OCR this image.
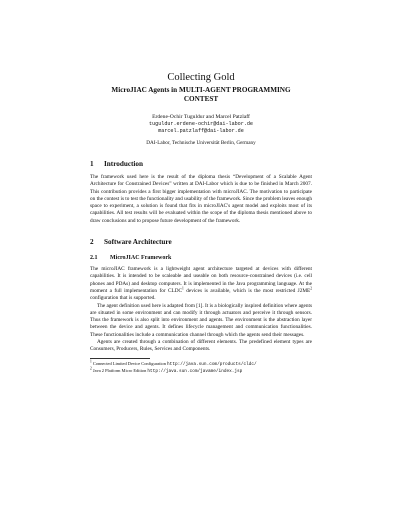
Collecting Gold
MicroJIAC Agents in MULTI-AGENT PROGRAMMING
CONTEST
Erdene-Ochir Tuguldur and Marcel Patzlaff
tuguldur.erdene-ochir@dai-labor.de
marcel.patzlaff@dai-labor.de
DAI-Labor, Technische Universität Berlin, Germany
1 Introduction

The framework used here is the result of the diploma thesis “Development of a Scalable Agent Architecture for Constrained Devices” written at DAI-Labor which is due to be finished in March 2007. This contribution provides a first bigger implementation with microJIAC. The motivation to participate on the contest is to test the functionality and usability of the framework. Since the problem leaves enough space to experiment, a solution is found that fits in microJIAC's agent model and exploits most of its capabilities. All test results will be evaluated within the scope of the diploma thesis mentioned above to draw conclusions and to propose future development of the framework.

2 Software Architecture
2.1 MicroJIAC Framework

The microJIAC framework is a lightweight agent architecture targeted at devices with different capabilities. It is intended to be scaleable and useable on both resource-constrained devices (i.e. cell phones and PDAs) and desktop computers. It is implemented in the Java programming language. At the moment a full implementation for CLDC$^1$ devices is available, which is the most restricted $J2ME^2$ configuration that is supported.

The agent definition used here is adapted from [1]. It is a biologically inspired definition where agents are situated in some environment and can modify it through actuators and perceive it through sensors. Thus the framework is also split into environment and agents. The environment is the abstraction layer between the device and agents. It defines lifecycle management and communication functionalities. These functionalities include a communication channel through which the agents send their messages.

Agents are created through a combination of different elements. The predefined element types are Consumers, Producers, Rules, Services and Components.

$^1$ Connected Limited Device Configuration http://java.sun.com/products/cldc/
$^2$ Java 2 Platform Micro Edition http://java.sun.com/javame/index.jsp
